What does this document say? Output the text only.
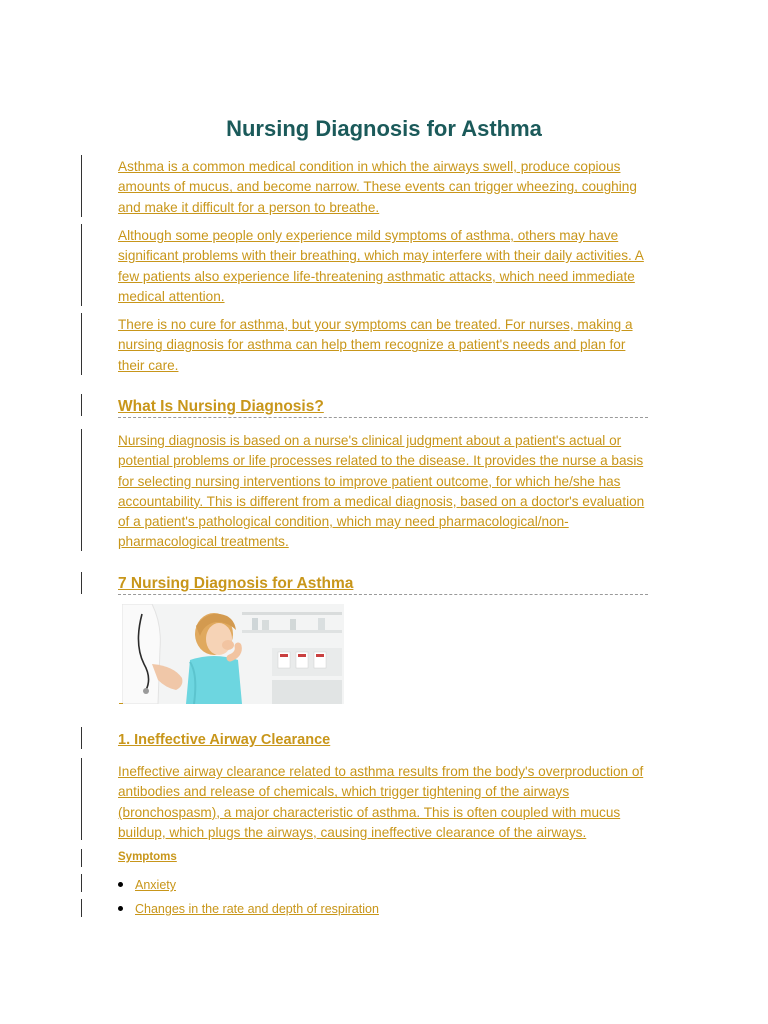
Nursing Diagnosis for Asthma

Asthma is a common medical condition in which the airways swell, produce copious amounts of mucus, and become narrow. These events can trigger wheezing, coughing and make it difficult for a person to breathe.

Although some people only experience mild symptoms of asthma, others may have significant problems with their breathing, which may interfere with their daily activities. A few patients also experience life-threatening asthmatic attacks, which need immediate medical attention.

There is no cure for asthma, but your symptoms can be treated. For nurses, making a nursing diagnosis for asthma can help them recognize a patient's needs and plan for their care.

What Is Nursing Diagnosis?

Nursing diagnosis is based on a nurse's clinical judgment about a patient's actual or potential problems or life processes related to the disease. It provides the nurse a basis for selecting nursing interventions to improve patient outcome, for which he/she has accountability. This is different from a medical diagnosis, based on a doctor's evaluation of a patient's pathological condition, which may need pharmacological/non-pharmacological treatments.

7 Nursing Diagnosis for Asthma
1. Ineffective Airway Clearance

Ineffective airway clearance related to asthma results from the body's overproduction of antibodies and release of chemicals, which trigger tightening of the airways (bronchospasm), a major characteristic of asthma. This is often coupled with mucus buildup, which plugs the airways, causing ineffective clearance of the airways.

Symptoms

Anxiety
Changes in the rate and depth of respiration
